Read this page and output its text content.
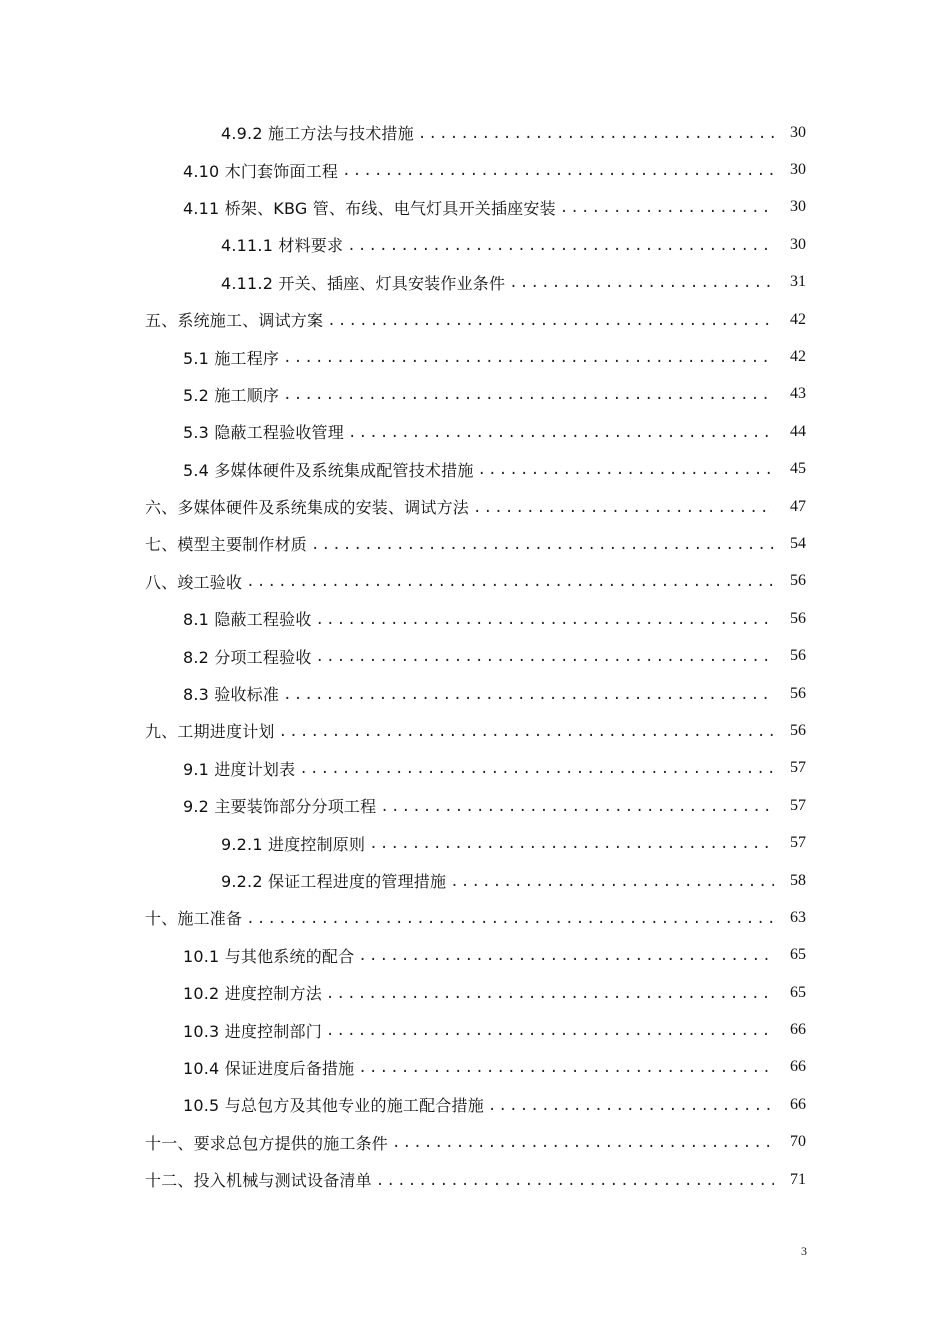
4.9.2 施工方法与技术措施 .....	30
4.10 木门套饰面工程 .....	30
4.11 桥架、KBG 管、布线、电气灯具开关插座安装 .....	30
4.11.1 材料要求 .....	30
4.11.2 开关、插座、灯具安装作业条件 .....	31
五、系统施工、调试方案 .....	42
5.1 施工程序 .....	42
5.2 施工顺序 .....	43
5.3 隐蔽工程验收管理 .....	44
5.4 多媒体硬件及系统集成配管技术措施 .....	45
六、多媒体硬件及系统集成的安装、调试方法 .....	47
七、模型主要制作材质 .....	54
八、竣工验收 .....	56
8.1 隐蔽工程验收 .....	56
8.2 分项工程验收 .....	56
8.3 验收标准 .....	56
九、工期进度计划 .....	56
9.1 进度计划表 .....	57
9.2 主要装饰部分分项工程 .....	57
9.2.1 进度控制原则 .....	57
9.2.2 保证工程进度的管理措施 .....	58
十、施工准备 .....	63
10.1 与其他系统的配合 .....	65
10.2 进度控制方法 .....	65
10.3 进度控制部门 .....	66
10.4 保证进度后备措施 .....	66
10.5 与总包方及其他专业的施工配合措施 .....	66
十一、要求总包方提供的施工条件 .....	70
十二、投入机械与测试设备清单 .....	71
3
